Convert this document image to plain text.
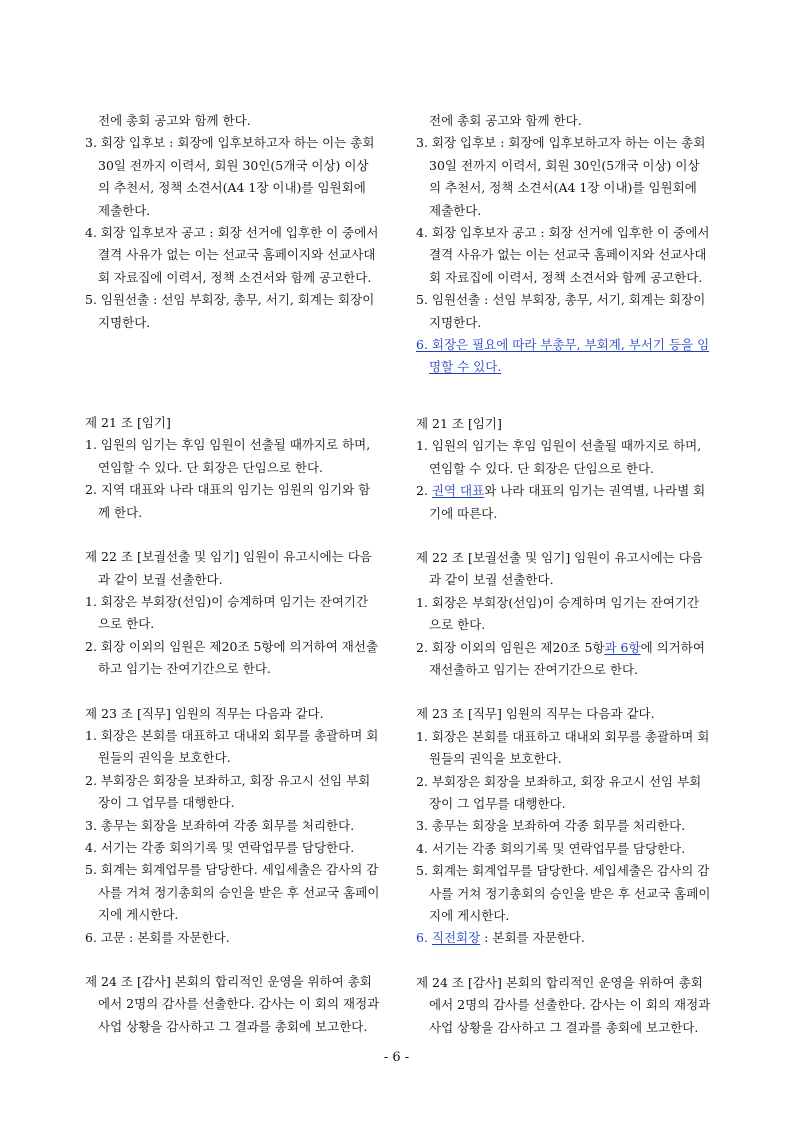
전에 총회 공고와 함께 한다.

3. 회장 입후보 : 회장에 입후보하고자 하는 이는 총회 30일 전까지 이력서, 회원 30인(5개국 이상) 이상의 추천서, 정책 소견서(A4 1장 이내)를 임원회에 제출한다.

4. 회장 입후보자 공고 : 회장 선거에 입후한 이 중에서 결격 사유가 없는 이는 선교국 홈페이지와 선교사대회 자료집에 이력서, 정책 소견서와 함께 공고한다.

5. 임원선출 : 선임 부회장, 총무, 서기, 회계는 회장이 지명한다.

제 21 조 [임기]

1. 임원의 임기는 후임 임원이 선출될 때까지로 하며, 연임할 수 있다. 단 회장은 단임으로 한다.

2. 지역 대표와 나라 대표의 임기는 임원의 임기와 함께 한다.

제 22 조 [보궐선출 및 임기] 임원이 유고시에는 다음과 같이 보궐 선출한다.

1. 회장은 부회장(선임)이 승계하며 임기는 잔여기간으로 한다.

2. 회장 이외의 임원은 제20조 5항에 의거하여 재선출하고 임기는 잔여기간으로 한다.

제 23 조 [직무] 임원의 직무는 다음과 같다.

1. 회장은 본회를 대표하고 대내외 회무를 총괄하며 회원들의 권익을 보호한다.

2. 부회장은 회장을 보좌하고, 회장 유고시 선임 부회장이 그 업무를 대행한다.

3. 총무는 회장을 보좌하여 각종 회무를 처리한다.

4. 서기는 각종 회의기록 및 연락업무를 담당한다.

5. 회계는 회계업무를 담당한다. 세입세출은 감사의 감사를 거쳐 정기총회의 승인을 받은 후 선교국 홈페이지에 게시한다.

6. 고문 : 본회를 자문한다.

제 24 조 [감사] 본회의 합리적인 운영을 위하여 총회에서 2명의 감사를 선출한다. 감사는 이 회의 재정과 사업 상황을 감사하고 그 결과를 총회에 보고한다.

전에 총회 공고와 함께 한다.

3. 회장 입후보 : 회장에 입후보하고자 하는 이는 총회 30일 전까지 이력서, 회원 30인(5개국 이상) 이상의 추천서, 정책 소견서(A4 1장 이내)를 임원회에 제출한다.

4. 회장 입후보자 공고 : 회장 선거에 입후한 이 중에서 결격 사유가 없는 이는 선교국 홈페이지와 선교사대회 자료집에 이력서, 정책 소견서와 함께 공고한다.

5. 임원선출 : 선임 부회장, 총무, 서기, 회계는 회장이 지명한다.

6. 회장은 필요에 따라 부총무, 부회계, 부서기 등을 임명할 수 있다.

제 21 조 [임기]

1. 임원의 임기는 후임 임원이 선출될 때까지로 하며, 연임할 수 있다. 단 회장은 단임으로 한다.

2. 권역 대표와 나라 대표의 임기는 권역별, 나라별 회기에 따른다.

제 22 조 [보궐선출 및 임기] 임원이 유고시에는 다음과 같이 보궐 선출한다.

1. 회장은 부회장(선임)이 승계하며 임기는 잔여기간으로 한다.

2. 회장 이외의 임원은 제20조 5항과 6항에 의거하여 재선출하고 임기는 잔여기간으로 한다.

제 23 조 [직무] 임원의 직무는 다음과 같다.

1. 회장은 본회를 대표하고 대내외 회무를 총괄하며 회원들의 권익을 보호한다.

2. 부회장은 회장을 보좌하고, 회장 유고시 선임 부회장이 그 업무를 대행한다.

3. 총무는 회장을 보좌하여 각종 회무를 처리한다.

4. 서기는 각종 회의기록 및 연락업무를 담당한다.

5. 회계는 회계업무를 담당한다. 세입세출은 감사의 감사를 거쳐 정기총회의 승인을 받은 후 선교국 홈페이지에 게시한다.

6. 직전회장 : 본회를 자문한다.

제 24 조 [감사] 본회의 합리적인 운영을 위하여 총회에서 2명의 감사를 선출한다. 감사는 이 회의 재정과 사업 상황을 감사하고 그 결과를 총회에 보고한다.

- 6 -
